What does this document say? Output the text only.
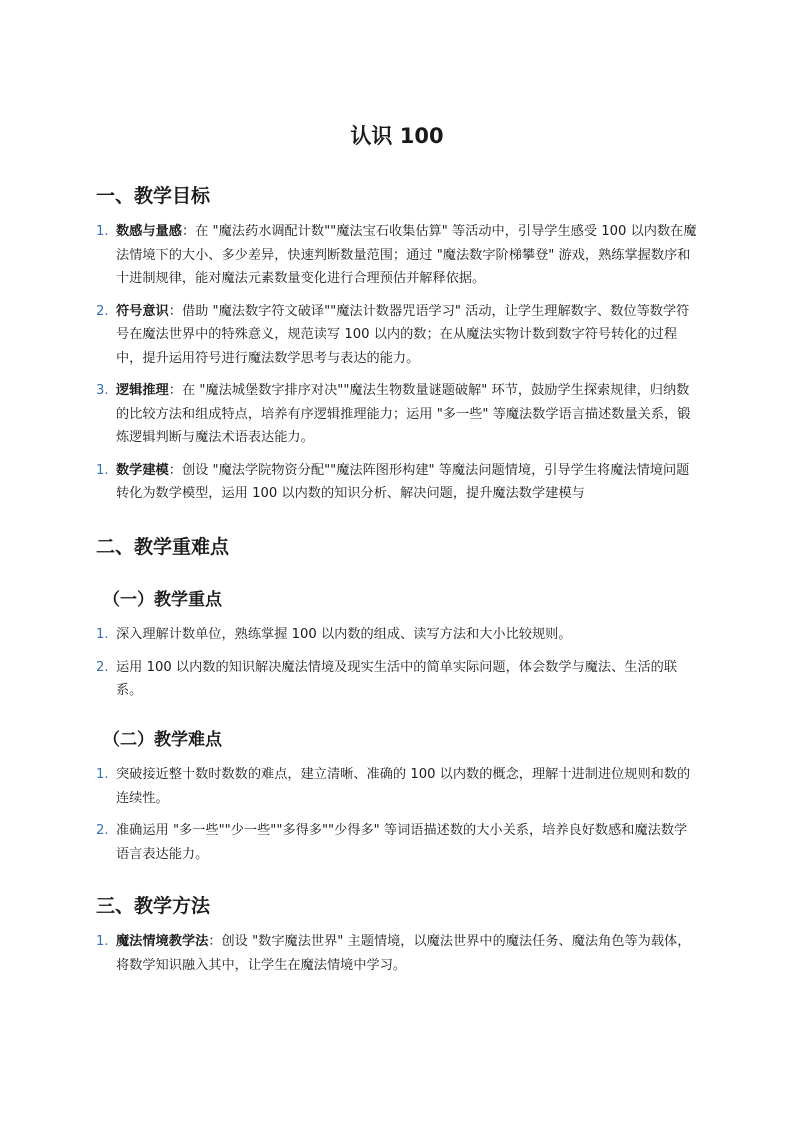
认识 100
一、教学目标
1. 数感与量感：在 "魔法药水调配计数""魔法宝石收集估算" 等活动中，引导学生感受 100 以内数在魔法情境下的大小、多少差异，快速判断数量范围；通过 "魔法数字阶梯攀登" 游戏，熟练掌握数序和十进制规律，能对魔法元素数量变化进行合理预估并解释依据。
2. 符号意识：借助 "魔法数字符文破译""魔法计数器咒语学习" 活动，让学生理解数字、数位等数学符号在魔法世界中的特殊意义，规范读写 100 以内的数；在从魔法实物计数到数字符号转化的过程中，提升运用符号进行魔法数学思考与表达的能力。
3. 逻辑推理：在 "魔法城堡数字排序对决""魔法生物数量谜题破解" 环节，鼓励学生探索规律，归纳数的比较方法和组成特点，培养有序逻辑推理能力；运用 "多一些" 等魔法数学语言描述数量关系，锻炼逻辑判断与魔法术语表达能力。
1. 数学建模：创设 "魔法学院物资分配""魔法阵图形构建" 等魔法问题情境，引导学生将魔法情境问题转化为数学模型，运用 100 以内数的知识分析、解决问题，提升魔法数学建模与
二、教学重难点
（一）教学重点
1. 深入理解计数单位，熟练掌握 100 以内数的组成、读写方法和大小比较规则。
2. 运用 100 以内数的知识解决魔法情境及现实生活中的简单实际问题，体会数学与魔法、生活的联系。
（二）教学难点
1. 突破接近整十数时数数的难点，建立清晰、准确的 100 以内数的概念，理解十进制进位规则和数的连续性。
2. 准确运用 "多一些""少一些""多得多""少得多" 等词语描述数的大小关系，培养良好数感和魔法数学语言表达能力。
三、教学方法
1. 魔法情境教学法：创设 "数字魔法世界" 主题情境，以魔法世界中的魔法任务、魔法角色等为载体，将数学知识融入其中，让学生在魔法情境中学习。
